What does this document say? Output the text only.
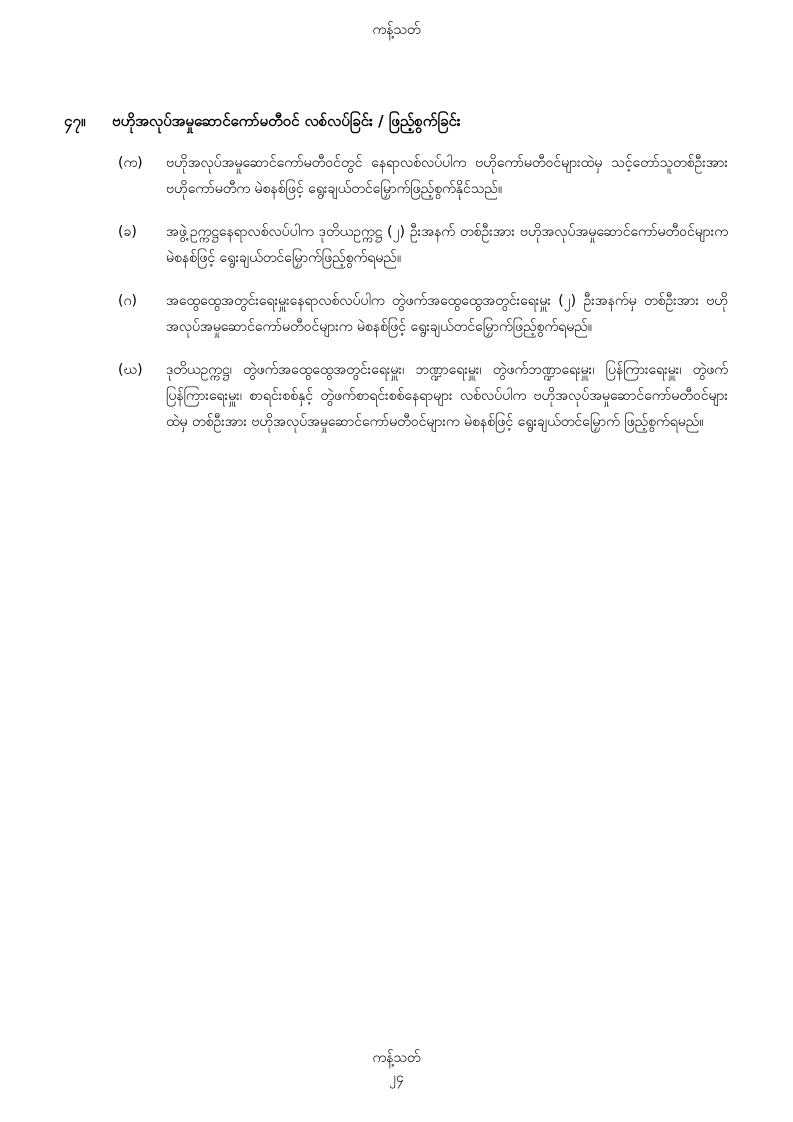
ကန့်သတ်
၄၇။	ဗဟိုအလုပ်အမှုဆောင်ကော်မတီဝင် လစ်လပ်ခြင်း / ဖြည့်စွက်ခြင်း
(က)	ဗဟိုအလုပ်အမှုဆောင်ကော်မတီဝင်တွင် နေရာလစ်လပ်ပါက ဗဟိုကော်မတီဝင်များထဲမှ သင့်တော်သူတစ်ဦးအား ဗဟိုကော်မတီက မဲစနစ်ဖြင့် ရွေးချယ်တင်မြှောက်ဖြည့်စွက်နိုင်သည်။
(ခ)	အဖွဲ့ဥက္ကဋ္ဌနေရာလစ်လပ်ပါက ဒုတိယဥက္ကဋ္ဌ (၂) ဦးအနက် တစ်ဦးအား ဗဟိုအလုပ်အမှုဆောင်ကော်မတီဝင်များက မဲစနစ်ဖြင့် ရွေးချယ်တင်မြှောက်ဖြည့်စွက်ရမည်။
(ဂ)	အထွေထွေအတွင်းရေးမှူးနေရာလစ်လပ်ပါက တွဲဖက်အထွေထွေအတွင်းရေးမှူး (၂) ဦးအနက်မှ တစ်ဦးအား ဗဟိုအလုပ်အမှုဆောင်ကော်မတီဝင်များက မဲစနစ်ဖြင့် ရွေးချယ်တင်မြှောက်ဖြည့်စွက်ရမည်။
(ဃ)	ဒုတိယဥက္ကဋ္ဌ၊ တွဲဖက်အထွေထွေအတွင်းရေးမှူး၊ ဘဏ္ဍာရေးမှူး၊ တွဲဖက်ဘဏ္ဍာရေးမှူး၊ ပြန်ကြားရေးမှူး၊ တွဲဖက်ပြန်ကြားရေးမှူး၊ စာရင်းစစ်နှင့် တွဲဖက်စာရင်းစစ်နေရာများ လစ်လပ်ပါက ဗဟိုအလုပ်အမှုဆောင်ကော်မတီဝင်များထဲမှ တစ်ဦးအား ဗဟိုအလုပ်အမှုဆောင်ကော်မတီဝင်များက မဲစနစ်ဖြင့် ရွေးချယ်တင်မြှောက် ဖြည့်စွက်ရမည်။
ကန့်သတ်
၂၄
